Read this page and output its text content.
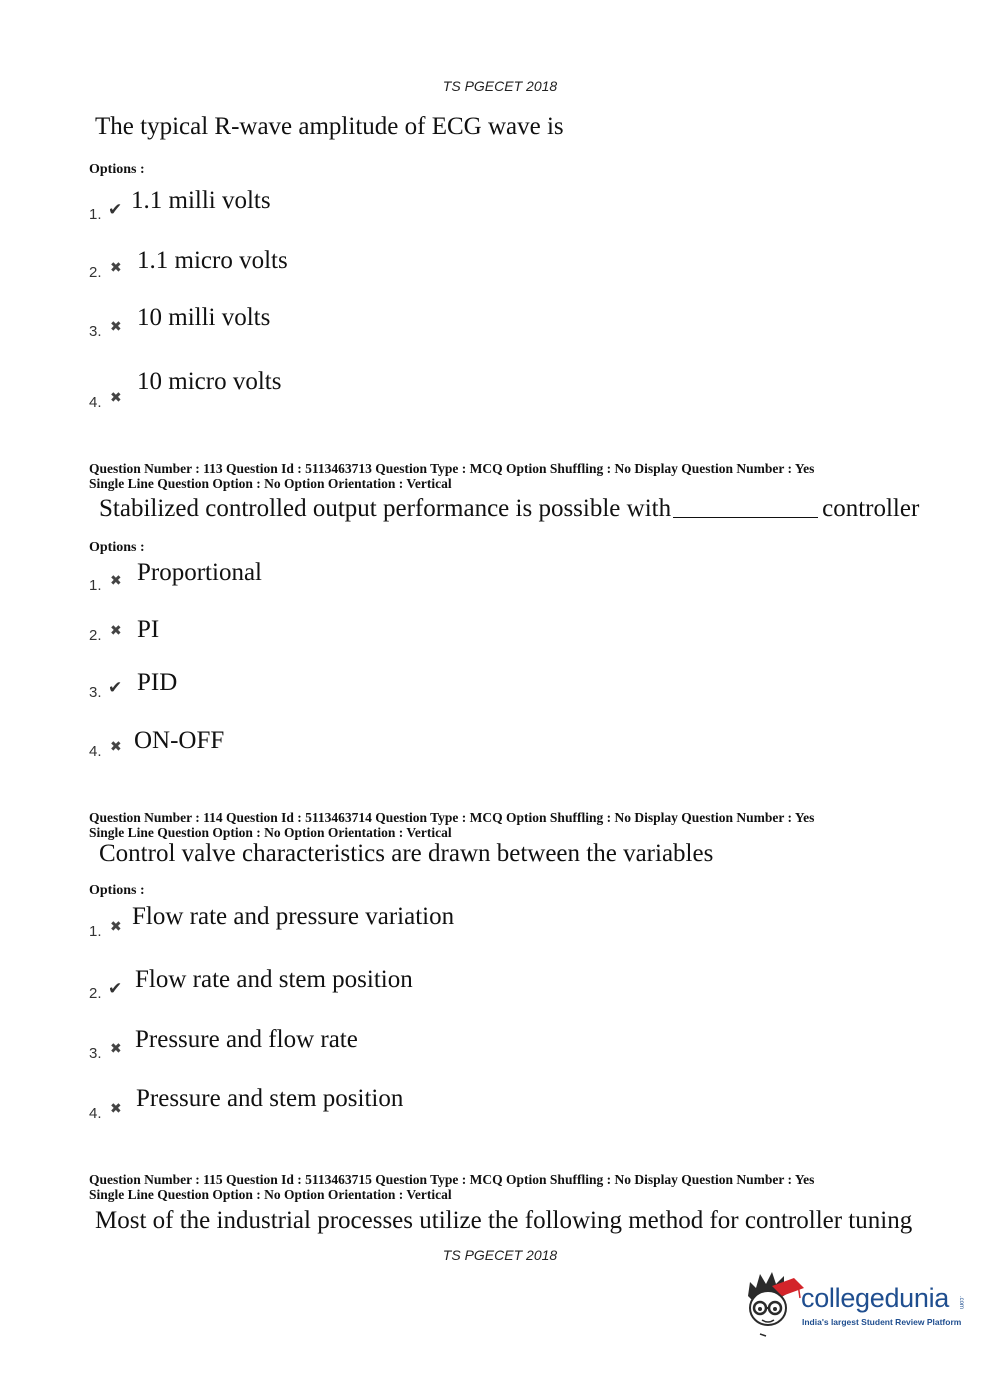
TS PGECET 2018
The typical R-wave amplitude of ECG wave is
Options :
1. ✔ 1.1 milli volts
2. ✖ 1.1 micro volts
3. ✖ 10 milli volts
4. ✖
10 micro volts
Question Number : 113 Question Id : 5113463713 Question Type : MCQ Option Shuffling : No Display Question Number : Yes
Single Line Question Option : No Option Orientation : Vertical
Stabilized controlled output performance is possible with	controller
Options :
1. ✖ Proportional
2. ✖ PI
3. ✔ PID
4. ✖ ON-OFF
Question Number : 114 Question Id : 5113463714 Question Type : MCQ Option Shuffling : No Display Question Number : Yes
Single Line Question Option : No Option Orientation : Vertical
Control valve characteristics are drawn between the variables
Options :
1. ✖ Flow rate and pressure variation
2. ✔ Flow rate and stem position
3. ✖ Pressure and flow rate
4. ✖ Pressure and stem position
Question Number : 115 Question Id : 5113463715 Question Type : MCQ Option Shuffling : No Display Question Number : Yes
Single Line Question Option : No Option Orientation : Vertical
Most of the industrial processes utilize the following method for controller tuning
TS PGECET 2018
collegedunia .com
India's largest Student Review Platform
